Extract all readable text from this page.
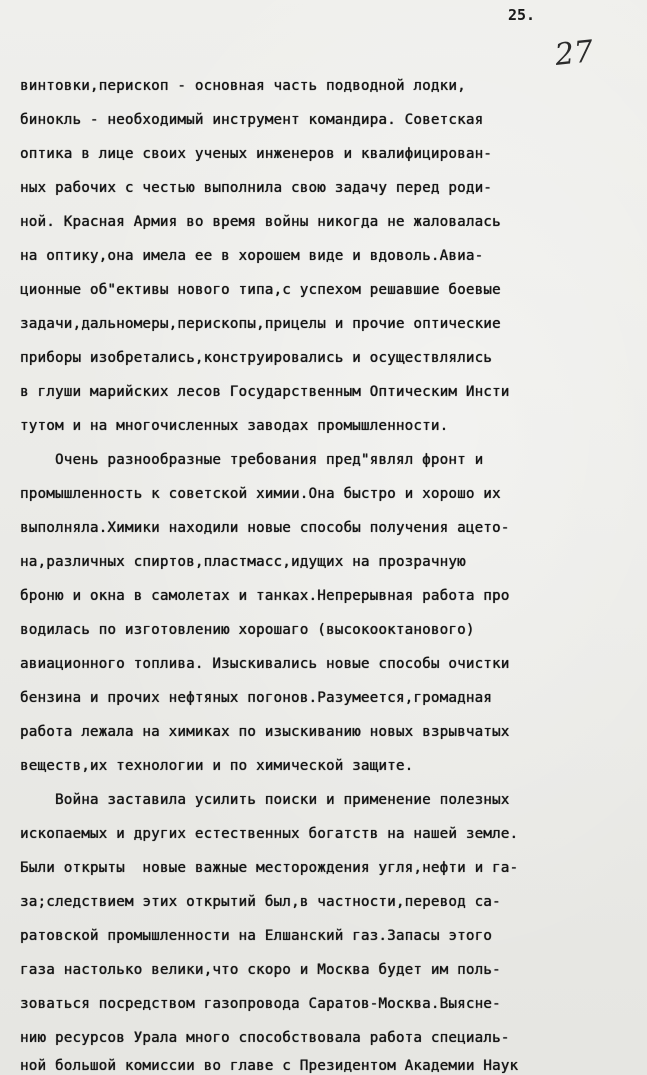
25.
27
винтовки,перископ - основная часть подводной лодки,
бинокль - необходимый инструмент командира. Советская
оптика в лице своих ученых инженеров и квалифицирован-
ных рабочих с честью выполнила свою задачу перед роди-
ной. Красная Армия во время войны никогда не жаловалась
на оптику,она имела ее в хорошем виде и вдоволь.Авиа-
ционные об"ективы нового типа,с успехом решавшие боевые
задачи,дальномеры,перископы,прицелы и прочие оптические
приборы изобретались,конструировались и осуществлялись
в глуши марийских лесов Государственным Оптическим Инсти
тутом и на многочисленных заводах промышленности.
Очень разнообразные требования пред"являл фронт и
промышленность к советской химии.Она быстро и хорошо их
выполняла.Химики находили новые способы получения ацето-
на,различных спиртов,пластмасс,идущих на прозрачную
броню и окна в самолетах и танках.Непрерывная работа про
водилась по изготовлению хорошаго (высокооктанового)
авиационного топлива. Изыскивались новые способы очистки
бензина и прочих нефтяных погонов.Разумеется,громадная
работа лежала на химиках по изыскиванию новых взрывчатых
веществ,их технологии и по химической защите.
Война заставила усилить поиски и применение полезных
ископаемых и других естественных богатств на нашей земле.
Были открыты  новые важные месторождения угля,нефти и га-
за;следствием этих открытий был,в частности,перевод са-
ратовской промышленности на Елшанский газ.Запасы этого
газа настолько велики,что скоро и Москва будет им поль-
зоваться посредством газопровода Саратов-Москва.Выясне-
нию ресурсов Урала много способствовала работа специаль-
ной большой комиссии во главе с Президентом Академии Наук
